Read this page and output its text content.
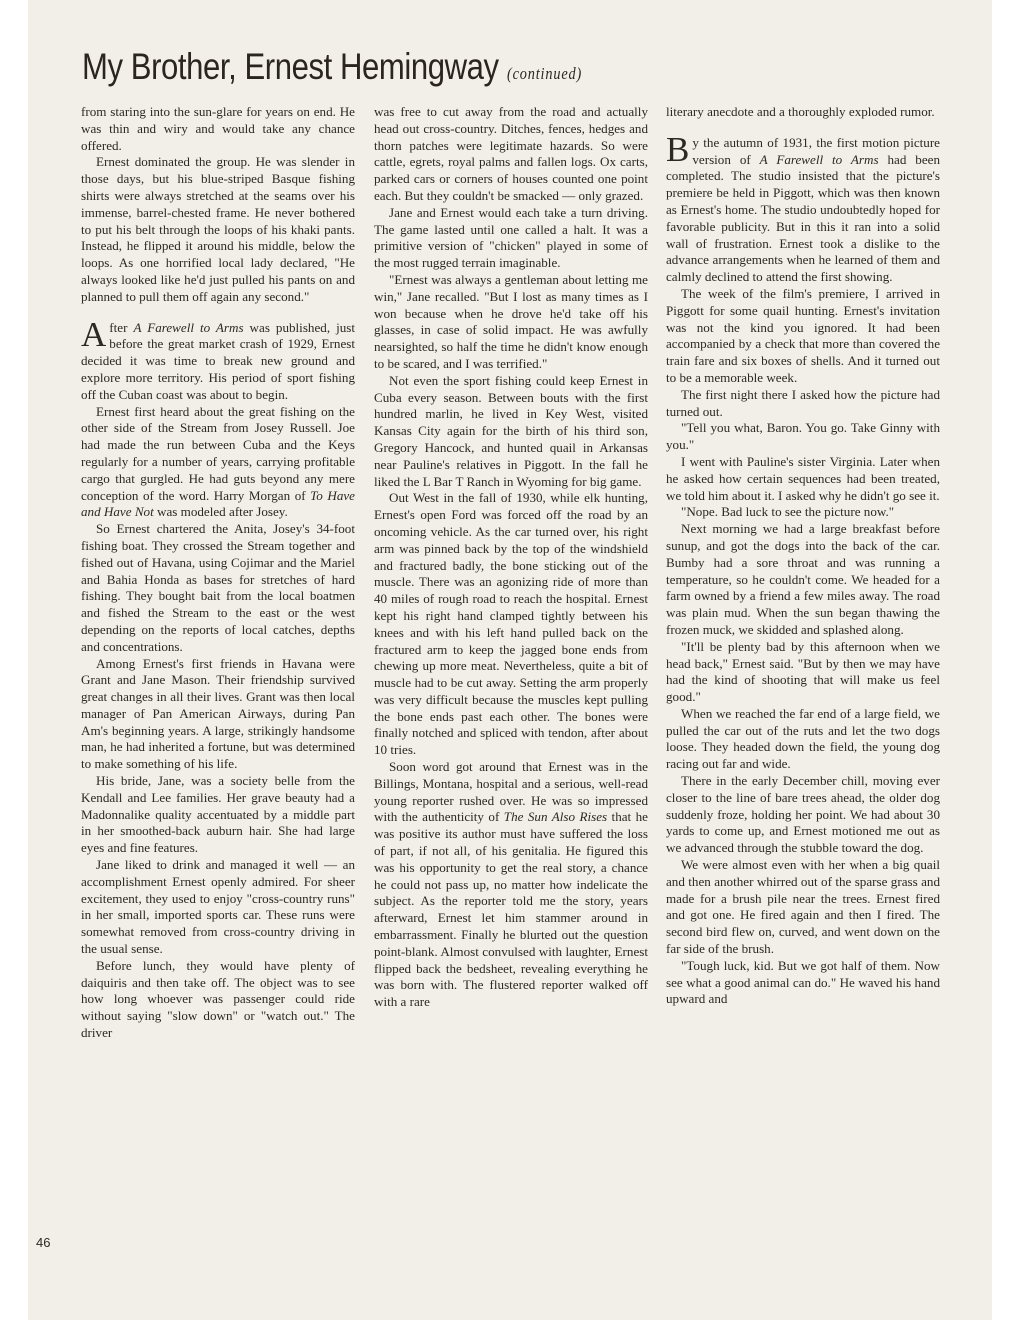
My Brother, Ernest Hemingway (continued)

from staring into the sun-glare for years on end. He was thin and wiry and would take any chance offered.

Ernest dominated the group. He was slender in those days, but his blue-striped Basque fishing shirts were always stretched at the seams over his immense, barrel-chested frame. He never bothered to put his belt through the loops of his khaki pants. Instead, he flipped it around his middle, below the loops. As one horrified local lady declared, "He always looked like he'd just pulled his pants on and planned to pull them off again any second."

After A Farewell to Arms was published, just before the great market crash of 1929, Ernest decided it was time to break new ground and explore more territory. His period of sport fishing off the Cuban coast was about to begin.

Ernest first heard about the great fishing on the other side of the Stream from Josey Russell. Joe had made the run between Cuba and the Keys regularly for a number of years, carrying profitable cargo that gurgled. He had guts beyond any mere conception of the word. Harry Morgan of To Have and Have Not was modeled after Josey.

So Ernest chartered the Anita, Josey's 34-foot fishing boat. They crossed the Stream together and fished out of Havana, using Cojimar and the Mariel and Bahia Honda as bases for stretches of hard fishing. They bought bait from the local boatmen and fished the Stream to the east or the west depending on the reports of local catches, depths and concentrations.

Among Ernest's first friends in Havana were Grant and Jane Mason. Their friendship survived great changes in all their lives. Grant was then local manager of Pan American Airways, during Pan Am's beginning years. A large, strikingly handsome man, he had inherited a fortune, but was determined to make something of his life.

His bride, Jane, was a society belle from the Kendall and Lee families. Her grave beauty had a Madonnalike quality accentuated by a middle part in her smoothed-back auburn hair. She had large eyes and fine features.

Jane liked to drink and managed it well — an accomplishment Ernest openly admired. For sheer excitement, they used to enjoy "cross-country runs" in her small, imported sports car. These runs were somewhat removed from cross-country driving in the usual sense.

Before lunch, they would have plenty of daiquiris and then take off. The object was to see how long whoever was passenger could ride without saying "slow down" or "watch out." The driver

was free to cut away from the road and actually head out cross-country. Ditches, fences, hedges and thorn patches were legitimate hazards. So were cattle, egrets, royal palms and fallen logs. Ox carts, parked cars or corners of houses counted one point each. But they couldn't be smacked — only grazed.

Jane and Ernest would each take a turn driving. The game lasted until one called a halt. It was a primitive version of "chicken" played in some of the most rugged terrain imaginable.

"Ernest was always a gentleman about letting me win," Jane recalled. "But I lost as many times as I won because when he drove he'd take off his glasses, in case of solid impact. He was awfully nearsighted, so half the time he didn't know enough to be scared, and I was terrified."

Not even the sport fishing could keep Ernest in Cuba every season. Between bouts with the first hundred marlin, he lived in Key West, visited Kansas City again for the birth of his third son, Gregory Hancock, and hunted quail in Arkansas near Pauline's relatives in Piggott. In the fall he liked the L Bar T Ranch in Wyoming for big game.

Out West in the fall of 1930, while elk hunting, Ernest's open Ford was forced off the road by an oncoming vehicle. As the car turned over, his right arm was pinned back by the top of the windshield and fractured badly, the bone sticking out of the muscle. There was an agonizing ride of more than 40 miles of rough road to reach the hospital. Ernest kept his right hand clamped tightly between his knees and with his left hand pulled back on the fractured arm to keep the jagged bone ends from chewing up more meat. Nevertheless, quite a bit of muscle had to be cut away. Setting the arm properly was very difficult because the muscles kept pulling the bone ends past each other. The bones were finally notched and spliced with tendon, after about 10 tries.

Soon word got around that Ernest was in the Billings, Montana, hospital and a serious, well-read young reporter rushed over. He was so impressed with the authenticity of The Sun Also Rises that he was positive its author must have suffered the loss of part, if not all, of his genitalia. He figured this was his opportunity to get the real story, a chance he could not pass up, no matter how indelicate the subject. As the reporter told me the story, years afterward, Ernest let him stammer around in embarrassment. Finally he blurted out the question point-blank. Almost convulsed with laughter, Ernest flipped back the bedsheet, revealing everything he was born with. The flustered reporter walked off with a rare

literary anecdote and a thoroughly exploded rumor.

By the autumn of 1931, the first motion picture version of A Farewell to Arms had been completed. The studio insisted that the picture's premiere be held in Piggott, which was then known as Ernest's home. The studio undoubtedly hoped for favorable publicity. But in this it ran into a solid wall of frustration. Ernest took a dislike to the advance arrangements when he learned of them and calmly declined to attend the first showing.

The week of the film's premiere, I arrived in Piggott for some quail hunting. Ernest's invitation was not the kind you ignored. It had been accompanied by a check that more than covered the train fare and six boxes of shells. And it turned out to be a memorable week.

The first night there I asked how the picture had turned out.

"Tell you what, Baron. You go. Take Ginny with you."

I went with Pauline's sister Virginia. Later when he asked how certain sequences had been treated, we told him about it. I asked why he didn't go see it.

"Nope. Bad luck to see the picture now."

Next morning we had a large breakfast before sunup, and got the dogs into the back of the car. Bumby had a sore throat and was running a temperature, so he couldn't come. We headed for a farm owned by a friend a few miles away. The road was plain mud. When the sun began thawing the frozen muck, we skidded and splashed along.

"It'll be plenty bad by this afternoon when we head back," Ernest said. "But by then we may have had the kind of shooting that will make us feel good."

When we reached the far end of a large field, we pulled the car out of the ruts and let the two dogs loose. They headed down the field, the young dog racing out far and wide.

There in the early December chill, moving ever closer to the line of bare trees ahead, the older dog suddenly froze, holding her point. We had about 30 yards to come up, and Ernest motioned me out as we advanced through the stubble toward the dog.

We were almost even with her when a big quail and then another whirred out of the sparse grass and made for a brush pile near the trees. Ernest fired and got one. He fired again and then I fired. The second bird flew on, curved, and went down on the far side of the brush.

"Tough luck, kid. But we got half of them. Now see what a good animal can do." He waved his hand upward and

46
